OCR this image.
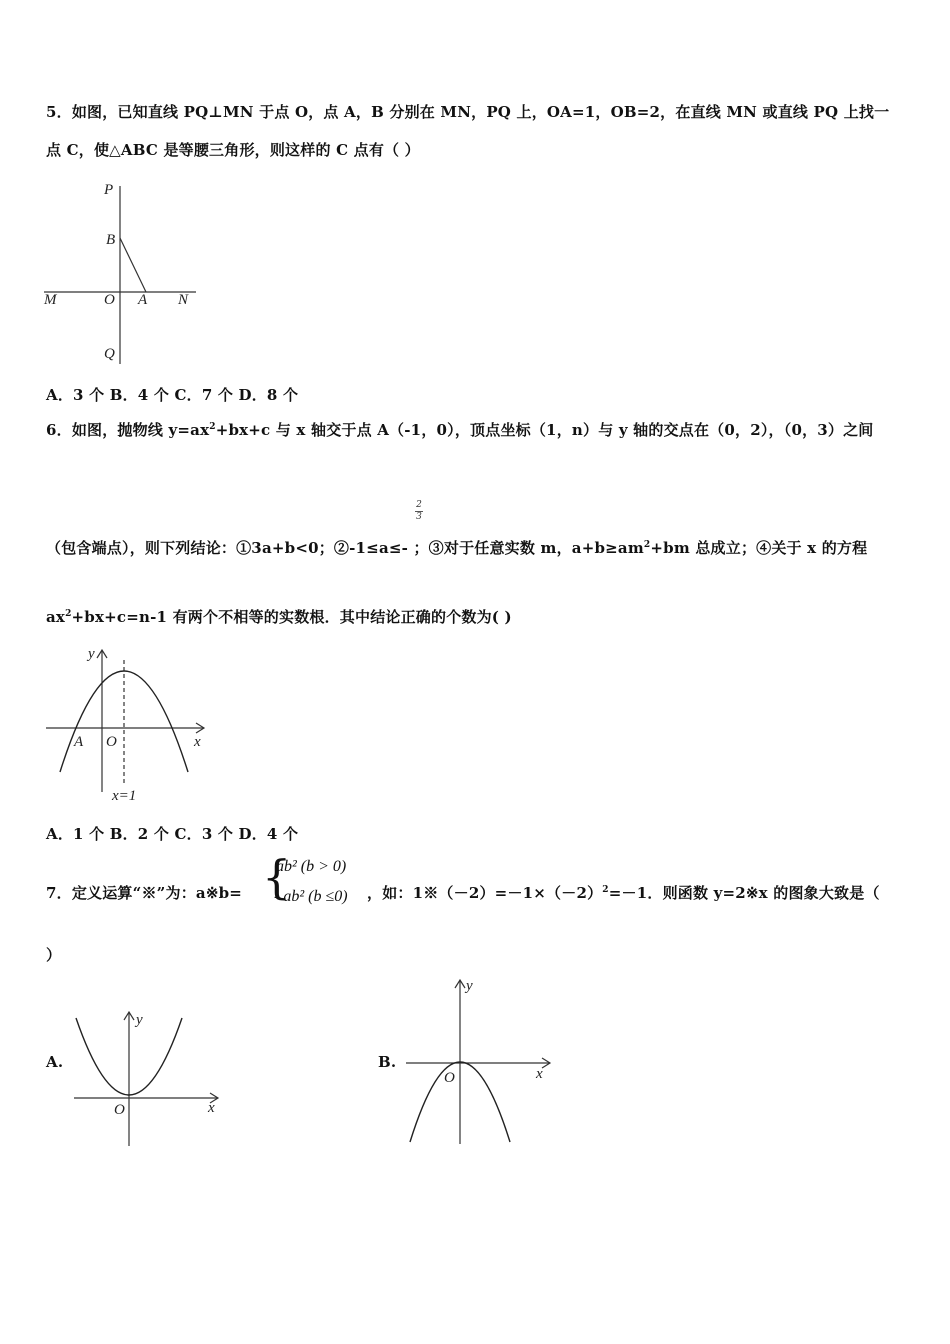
5．如图，已知直线 PQ⊥MN 于点 O，点 A，B 分别在 MN，PQ 上，OA=1，OB=2，在直线 MN 或直线 PQ 上找一
点 C，使△ABC 是等腰三角形，则这样的 C 点有（ ）
P
B
M	O A N
Q
A．3 个 B．4 个 C．7 个 D．8 个
6．如图，抛物线 $y=ax^2+bx+c$ 与 x 轴交于点 A（-1，0），顶点坐标（1，n）与 y 轴的交点在（0，2），（0，3）之间
2
3
（包含端点），则下列结论：①3a+b<0；②-1≤a≤- ；③对于任意实数 m，$a+b\ge am^2+bm$ 总成立；④关于 x 的方程
$ax^2+bx+c=n-1$ 有两个不相等的实数根．其中结论正确的个数为( )
y
A O	x
x=1
A．1 个 B．2 个 C．3 个 D．4 个
7．定义运算“※”为：a※b= {
ab² (b > 0)
- ab² (b ≤0) ，如：$1※(-2)=-1\times(-2)^2=-1$．则函数 y=2※x 的图象大致是（
）
A.
y
O	x
B.
y
O	x
